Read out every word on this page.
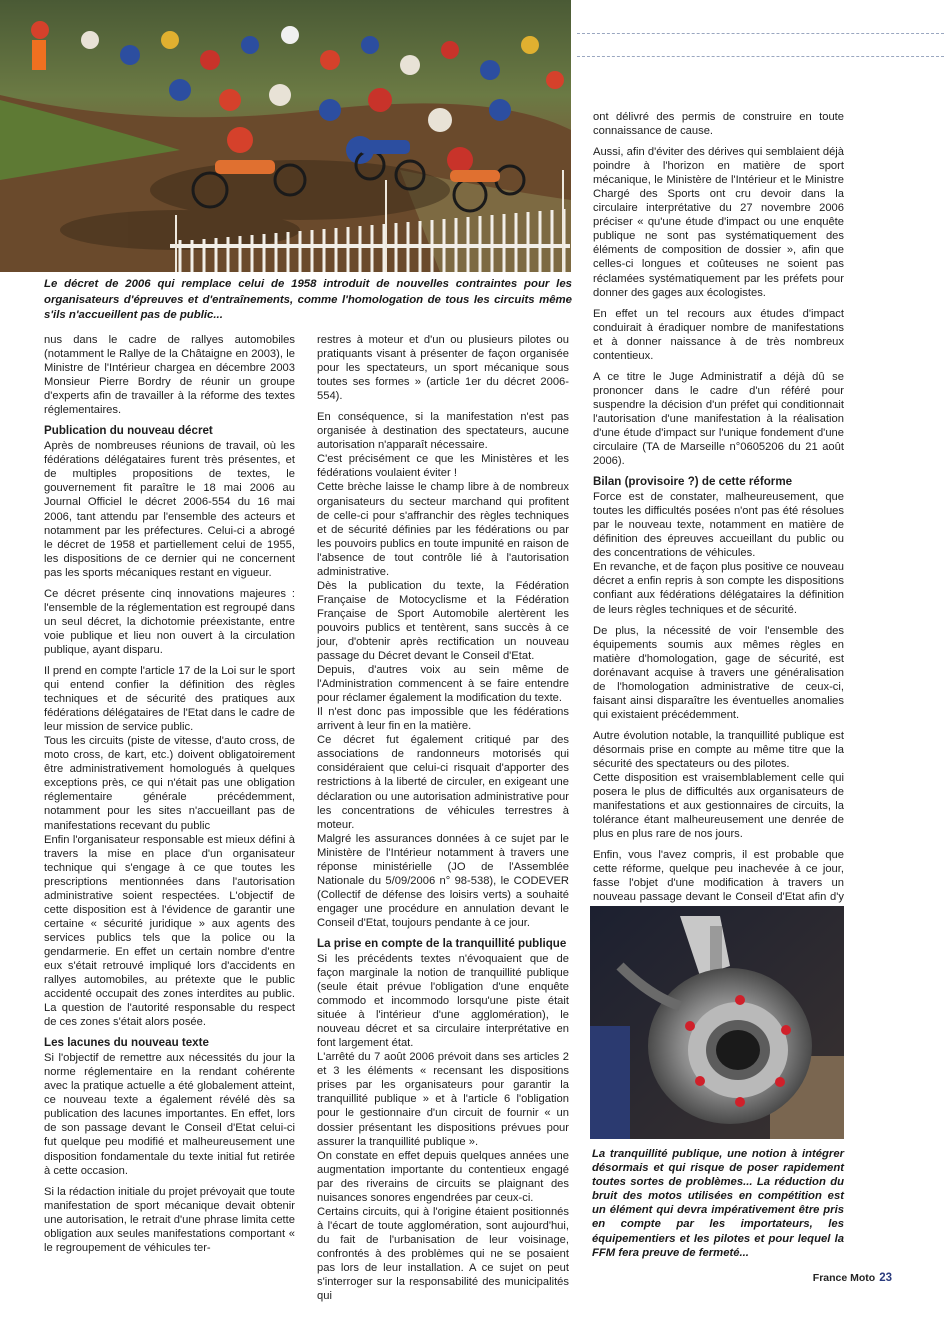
Le décret de 2006 qui remplace celui de 1958 introduit de nouvelles contraintes pour les organisateurs d'épreuves et d'entraînements, comme l'homologation de tous les circuits même s'ils n'accueillent pas de public...

nus dans le cadre de rallyes automobiles (notamment le Rallye de la Châtaigne en 2003), le Ministre de l'Intérieur chargea en décembre 2003 Monsieur Pierre Bordry de réunir un groupe d'experts afin de travailler à la réforme des textes réglementaires.

Publication du nouveau décret

Après de nombreuses réunions de travail, où les fédérations délégataires furent très présentes, et de multiples propositions de textes, le gouvernement fit paraître le 18 mai 2006 au Journal Officiel le décret 2006-554 du 16 mai 2006, tant attendu par l'ensemble des acteurs et notamment par les préfectures. Celui-ci a abrogé le décret de 1958 et partiellement celui de 1955, les dispositions de ce dernier qui ne concernent pas les sports mécaniques restant en vigueur.

Ce décret présente cinq innovations majeures : l'ensemble de la réglementation est regroupé dans un seul décret, la dichotomie préexistante, entre voie publique et lieu non ouvert à la circulation publique, ayant disparu.

Il prend en compte l'article 17 de la Loi sur le sport qui entend confier la définition des règles techniques et de sécurité des pratiques aux fédérations délégataires de l'Etat dans le cadre de leur mission de service public.

Tous les circuits (piste de vitesse, d'auto cross, de moto cross, de kart, etc.) doivent obligatoirement être administrativement homologués à quelques exceptions près, ce qui n'était pas une obligation réglementaire générale précédemment, notamment pour les sites n'accueillant pas de manifestations recevant du public

Enfin l'organisateur responsable est mieux défini à travers la mise en place d'un organisateur technique qui s'engage à ce que toutes les prescriptions mentionnées dans l'autorisation administrative soient respectées. L'objectif de cette disposition est à l'évidence de garantir une certaine « sécurité juridique » aux agents des services publics tels que la police ou la gendarmerie. En effet un certain nombre d'entre eux s'était retrouvé impliqué lors d'accidents en rallyes automobiles, au prétexte que le public accidenté occupait des zones interdites au public. La question de l'autorité responsable du respect de ces zones s'était alors posée.

Les lacunes du nouveau texte

Si l'objectif de remettre aux nécessités du jour la norme réglementaire en la rendant cohérente avec la pratique actuelle a été globalement atteint, ce nouveau texte a également révélé dès sa publication des lacunes importantes. En effet, lors de son passage devant le Conseil d'Etat celui-ci fut quelque peu modifié et malheureusement une disposition fondamentale du texte initial fut retirée à cette occasion.

Si la rédaction initiale du projet prévoyait que toute manifestation de sport mécanique devait obtenir une autorisation, le retrait d'une phrase limita cette obligation aux seules manifestations comportant « le regroupement de véhicules ter-

restres à moteur et d'un ou plusieurs pilotes ou pratiquants visant à présenter de façon organisée pour les spectateurs, un sport mécanique sous toutes ses formes » (article 1er du décret 2006-554).

En conséquence, si la manifestation n'est pas organisée à destination des spectateurs, aucune autorisation n'apparaît nécessaire.

C'est précisément ce que les Ministères et les fédérations voulaient éviter !

Cette brèche laisse le champ libre à de nombreux organisateurs du secteur marchand qui profitent de celle-ci pour s'affranchir des règles techniques et de sécurité définies par les fédérations ou par les pouvoirs publics en toute impunité en raison de l'absence de tout contrôle lié à l'autorisation administrative.

Dès la publication du texte, la Fédération Française de Motocyclisme et la Fédération Française de Sport Automobile alertèrent les pouvoirs publics et tentèrent, sans succès à ce jour, d'obtenir après rectification un nouveau passage du Décret devant le Conseil d'Etat.

Depuis, d'autres voix au sein même de l'Administration commencent à se faire entendre pour réclamer également la modification du texte.

Il n'est donc pas impossible que les fédérations arrivent à leur fin en la matière.

Ce décret fut également critiqué par des associations de randonneurs motorisés qui considéraient que celui-ci risquait d'apporter des restrictions à la liberté de circuler, en exigeant une déclaration ou une autorisation administrative pour les concentrations de véhicules terrestres à moteur.

Malgré les assurances données à ce sujet par le Ministère de l'Intérieur notamment à travers une réponse ministérielle (JO de l'Assemblée Nationale du 5/09/2006 n° 98-538), le CODEVER (Collectif de défense des loisirs verts) a souhaité engager une procédure en annulation devant le Conseil d'Etat, toujours pendante à ce jour.

La prise en compte de la tranquillité publique

Si les précédents textes n'évoquaient que de façon marginale la notion de tranquillité publique (seule était prévue l'obligation d'une enquête commodo et incommodo lorsqu'une piste était située à l'intérieur d'une agglomération), le nouveau décret et sa circulaire interprétative en font largement état.

L'arrêté du 7 août 2006 prévoit dans ses articles 2 et 3 les éléments « recensant les dispositions prises par les organisateurs pour garantir la tranquillité publique » et à l'article 6 l'obligation pour le gestionnaire d'un circuit de fournir « un dossier présentant les dispositions prévues pour assurer la tranquillité publique ».

On constate en effet depuis quelques années une augmentation importante du contentieux engagé par des riverains de circuits se plaignant des nuisances sonores engendrées par ceux-ci.

Certains circuits, qui à l'origine étaient positionnés à l'écart de toute agglomération, sont aujourd'hui, du fait de l'urbanisation de leur voisinage, confrontés à des problèmes qui ne se posaient pas lors de leur installation. A ce sujet on peut s'interroger sur la responsabilité des municipalités qui

ont délivré des permis de construire en toute connaissance de cause.

Aussi, afin d'éviter des dérives qui semblaient déjà poindre à l'horizon en matière de sport mécanique, le Ministère de l'Intérieur et le Ministre Chargé des Sports ont cru devoir dans la circulaire interprétative du 27 novembre 2006 préciser « qu'une étude d'impact ou une enquête publique ne sont pas systématiquement des éléments de composition de dossier », afin que celles-ci longues et coûteuses ne soient pas réclamées systématiquement par les préfets pour donner des gages aux écologistes.

En effet un tel recours aux études d'impact conduirait à éradiquer nombre de manifestations et à donner naissance à de très nombreux contentieux.

A ce titre le Juge Administratif a déjà dû se prononcer dans le cadre d'un référé pour suspendre la décision d'un préfet qui conditionnait l'autorisation d'une manifestation à la réalisation d'une étude d'impact sur l'unique fondement d'une circulaire (TA de Marseille n°0605206 du 21 août 2006).

Bilan (provisoire ?) de cette réforme

Force est de constater, malheureusement, que toutes les difficultés posées n'ont pas été résolues par le nouveau texte, notamment en matière de définition des épreuves accueillant du public ou des concentrations de véhicules.

En revanche, et de façon plus positive ce nouveau décret a enfin repris à son compte les dispositions confiant aux fédérations délégataires la définition de leurs règles techniques et de sécurité.

De plus, la nécessité de voir l'ensemble des équipements soumis aux mêmes règles en matière d'homologation, gage de sécurité, est dorénavant acquise à travers une généralisation de l'homologation administrative de ceux-ci, faisant ainsi disparaître les éventuelles anomalies qui existaient précédemment.

Autre évolution notable, la tranquillité publique est désormais prise en compte au même titre que la sécurité des spectateurs ou des pilotes.

Cette disposition est vraisemblablement celle qui posera le plus de difficultés aux organisateurs de manifestations et aux gestionnaires de circuits, la tolérance étant malheureusement une denrée de plus en plus rare de nos jours.

Enfin, vous l'avez compris, il est probable que cette réforme, quelque peu inachevée à ce jour, fasse l'objet d'une modification à travers un nouveau passage devant le Conseil d'Etat afin d'y

La tranquillité publique, une notion à intégrer désormais et qui risque de poser rapidement toutes sortes de problèmes... La réduction du bruit des motos utilisées en compétition est un élément qui devra impérativement être pris en compte par les importateurs, les équipementiers et les pilotes et pour lequel la FFM fera preuve de fermeté...
France Moto 23
